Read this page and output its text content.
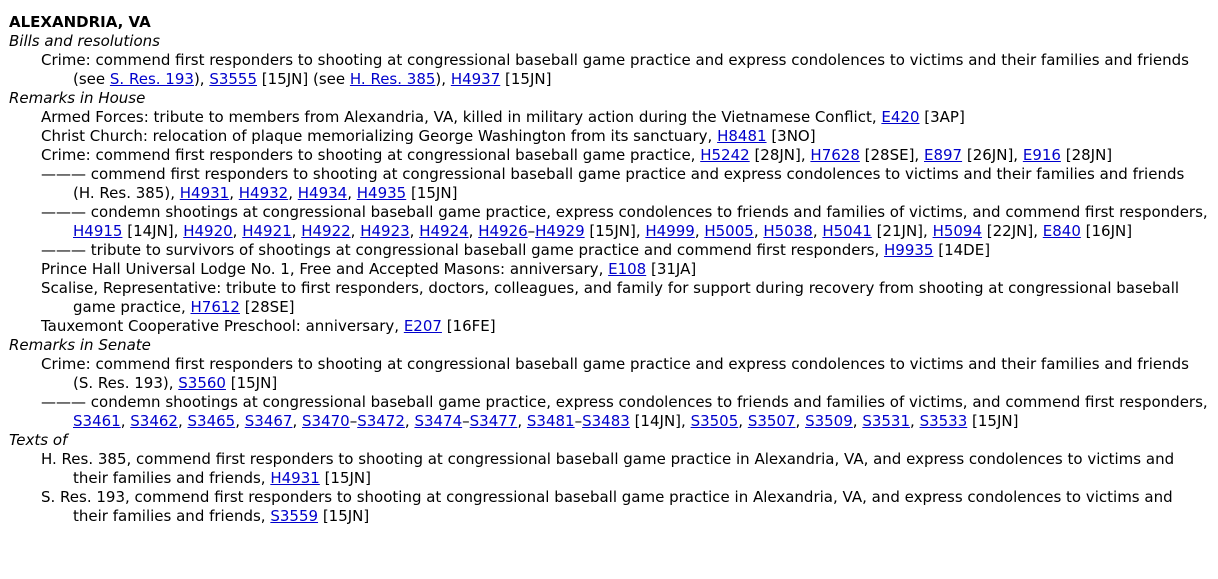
ALEXANDRIA, VA
Bills and resolutions
Crime: commend first responders to shooting at congressional baseball game practice and express condolences to victims and their families and friends (see S. Res. 193), S3555 [15JN] (see H. Res. 385), H4937 [15JN]
Remarks in House
Armed Forces: tribute to members from Alexandria, VA, killed in military action during the Vietnamese Conflict, E420 [3AP]
Christ Church: relocation of plaque memorializing George Washington from its sanctuary, H8481 [3NO]
Crime: commend first responders to shooting at congressional baseball game practice, H5242 [28JN], H7628 [28SE], E897 [26JN], E916 [28JN]
——— commend first responders to shooting at congressional baseball game practice and express condolences to victims and their families and friends (H. Res. 385), H4931, H4932, H4934, H4935 [15JN]
——— condemn shootings at congressional baseball game practice, express condolences to friends and families of victims, and commend first responders, H4915 [14JN], H4920, H4921, H4922, H4923, H4924, H4926–H4929 [15JN], H4999, H5005, H5038, H5041 [21JN], H5094 [22JN], E840 [16JN]
——— tribute to survivors of shootings at congressional baseball game practice and commend first responders, H9935 [14DE]
Prince Hall Universal Lodge No. 1, Free and Accepted Masons: anniversary, E108 [31JA]
Scalise, Representative: tribute to first responders, doctors, colleagues, and family for support during recovery from shooting at congressional baseball game practice, H7612 [28SE]
Tauxemont Cooperative Preschool: anniversary, E207 [16FE]
Remarks in Senate
Crime: commend first responders to shooting at congressional baseball game practice and express condolences to victims and their families and friends (S. Res. 193), S3560 [15JN]
——— condemn shootings at congressional baseball game practice, express condolences to friends and families of victims, and commend first responders, S3461, S3462, S3465, S3467, S3470–S3472, S3474–S3477, S3481–S3483 [14JN], S3505, S3507, S3509, S3531, S3533 [15JN]
Texts of
H. Res. 385, commend first responders to shooting at congressional baseball game practice in Alexandria, VA, and express condolences to victims and their families and friends, H4931 [15JN]
S. Res. 193, commend first responders to shooting at congressional baseball game practice in Alexandria, VA, and express condolences to victims and their families and friends, S3559 [15JN]
